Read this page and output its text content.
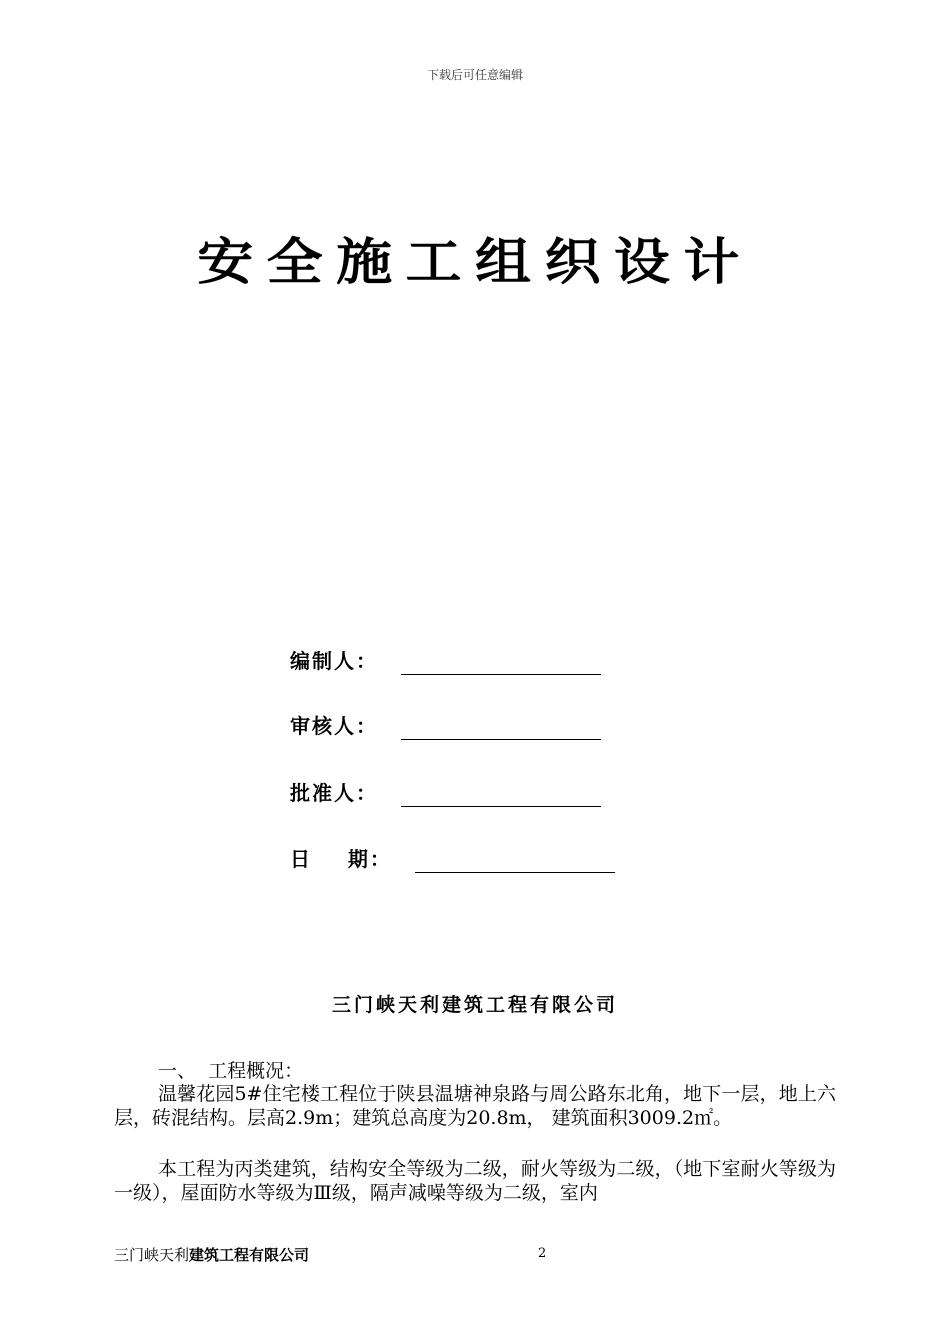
下载后可任意编辑
安全施工组织设计
编制人：
审核人：
批准人：
日    期：
三门峡天利建筑工程有限公司
一、  工程概况：
温馨花园5#住宅楼工程位于陕县温塘神泉路与周公路东北角，地下一层，地上六层，砖混结构。层高2.9m；建筑总高度为20.8m， 建筑面积3009.2㎡。
本工程为丙类建筑，结构安全等级为二级，耐火等级为二级，（地下室耐火等级为一级），屋面防水等级为Ⅲ级，隔声减噪等级为二级，室内
三门峡天利建筑工程有限公司	2
